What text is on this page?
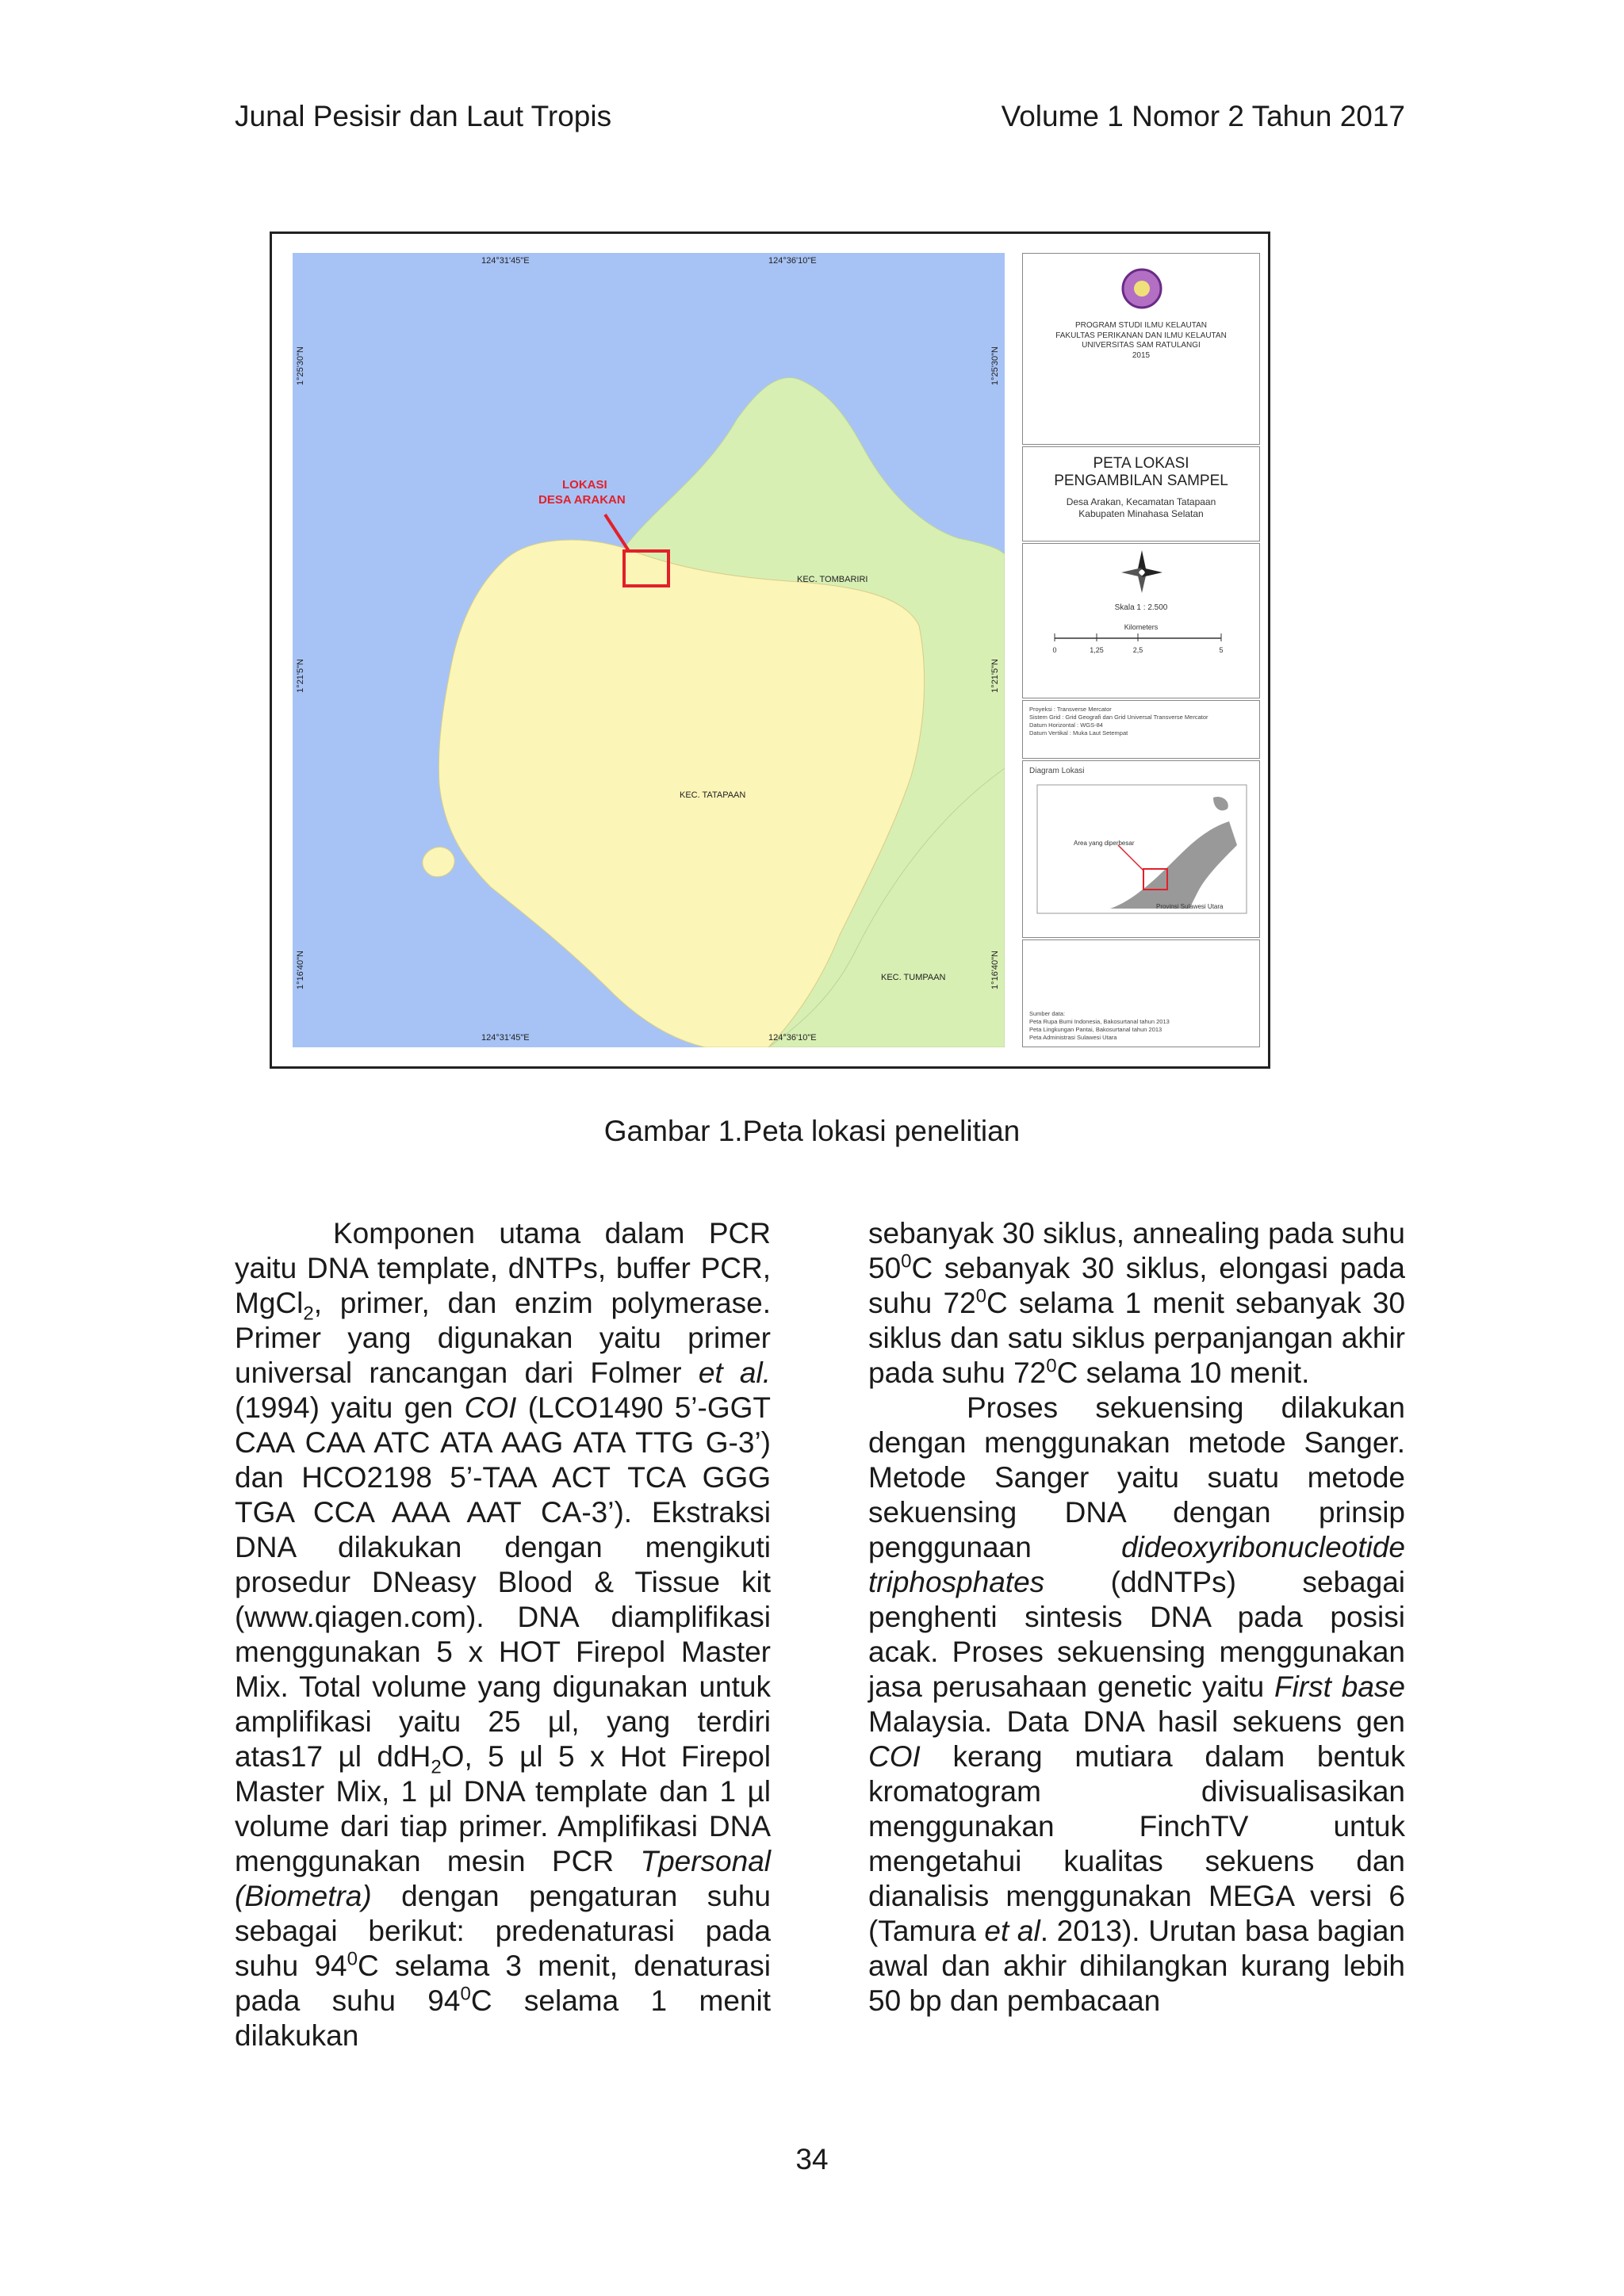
Junal Pesisir dan Laut Tropis	Volume 1 Nomor 2 Tahun 2017
124°31'45"E	124°36'10"E
124°31'45"E	124°36'10"E
1°25'30"N
1°21'5"N
1°16'40"N
1°25'30"N
1°21'5"N
1°16'40"N
LOKASI
DESA ARAKAN
KEC. TOMBARIRI
KEC. TATAPAAN
KEC. TUMPAAN
PROGRAM STUDI ILMU KELAUTAN
FAKULTAS PERIKANAN DAN ILMU KELAUTAN
UNIVERSITAS SAM RATULANGI
2015
PETA LOKASI
PENGAMBILAN SAMPEL
Desa Arakan, Kecamatan Tatapaan
Kabupaten Minahasa Selatan
Skala 1 : 2.500
Kilometers
0	1,25	2,5	5
Proyeksi : Transverse Mercator
Sistem Grid : Grid Geografi dan Grid Universal Transverse Mercator
Datum Horizontal : WGS-84
Datum Vertikal : Muka Laut Setempat
Diagram Lokasi
Area yang diperbesar
Provinsi Sulawesi Utara
Sumber data:
Peta Rupa Bumi Indonesia, Bakosurtanal tahun 2013
Peta Lingkungan Pantai, Bakosurtanal tahun 2013
Peta Administrasi Sulawesi Utara
Gambar 1.Peta lokasi penelitian

Komponen utama dalam PCR yaitu DNA template, dNTPs, buffer PCR, MgCl$_2$, primer, dan enzim polymerase. Primer yang digunakan yaitu primer universal rancangan dari Folmer et al. (1994) yaitu gen COI (LCO1490 5’-GGT CAA CAA ATC ATA AAG ATA TTG G-3’) dan HCO2198 5’-TAA ACT TCA GGG TGA CCA AAA AAT CA-3’). Ekstraksi DNA dilakukan dengan mengikuti prosedur DNeasy Blood & Tissue kit (www.qiagen.com). DNA diamplifikasi menggunakan 5 x HOT Firepol Master Mix. Total volume yang digunakan untuk amplifikasi yaitu 25 µl, yang terdiri atas17 µl ddH$_2$O, 5 µl 5 x Hot Firepol Master Mix, 1 µl DNA template dan 1 µl volume dari tiap primer. Amplifikasi DNA menggunakan mesin PCR Tpersonal (Biometra) dengan pengaturan suhu sebagai berikut: predenaturasi pada suhu $94^0C$ selama 3 menit, denaturasi pada suhu $94^0C$ selama 1 menit dilakukan

sebanyak 30 siklus, annealing pada suhu $50^0C$ sebanyak 30 siklus, elongasi pada suhu $72^0C$ selama 1 menit sebanyak 30 siklus dan satu siklus perpanjangan akhir pada suhu $72^0C$ selama 10 menit.

Proses sekuensing dilakukan dengan menggunakan metode Sanger. Metode Sanger yaitu suatu metode sekuensing DNA dengan prinsip penggunaan dideoxyribonucleotide triphosphates (ddNTPs) sebagai penghenti sintesis DNA pada posisi acak. Proses sekuensing menggunakan jasa perusahaan genetic yaitu First base Malaysia. Data DNA hasil sekuens gen COI kerang mutiara dalam bentuk kromatogram divisualisasikan menggunakan FinchTV untuk mengetahui kualitas sekuens dan dianalisis menggunakan MEGA versi 6 (Tamura et al. 2013). Urutan basa bagian awal dan akhir dihilangkan kurang lebih 50 bp dan pembacaan

34
